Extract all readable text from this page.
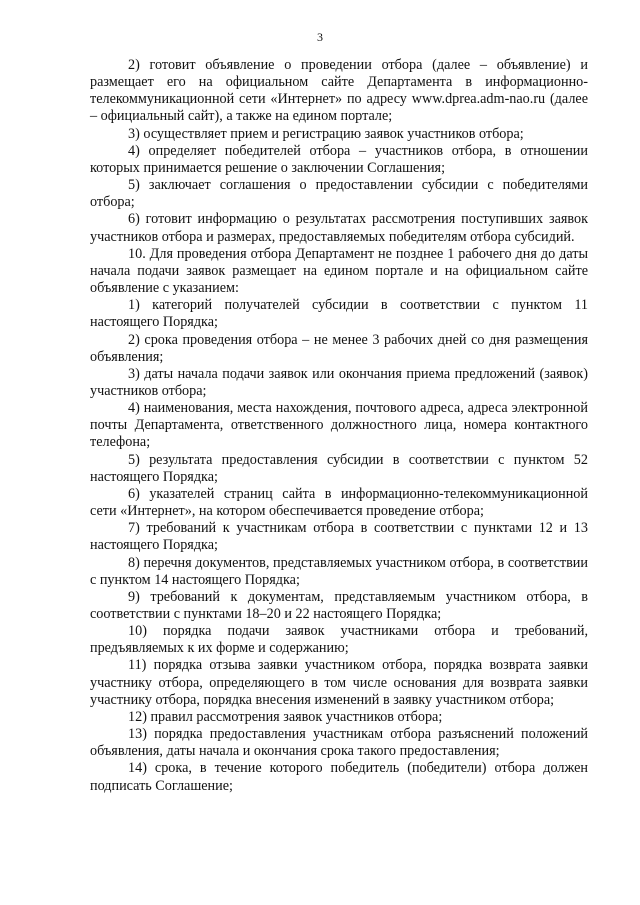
3

2) готовит объявление о проведении отбора (далее – объявление) и размещает его на официальном сайте Департамента в информационно-телекоммуникационной сети «Интернет» по адресу www.dprea.adm-nao.ru (далее – официальный сайт), а также на едином портале;

3) осуществляет прием и регистрацию заявок участников отбора;

4) определяет победителей отбора – участников отбора, в отношении которых принимается решение о заключении Соглашения;

5) заключает соглашения о предоставлении субсидии с победителями отбора;

6) готовит информацию о результатах рассмотрения поступивших заявок участников отбора и размерах, предоставляемых победителям отбора субсидий.

10. Для проведения отбора Департамент не позднее 1 рабочего дня до даты начала подачи заявок размещает на едином портале и на официальном сайте объявление с указанием:

1) категорий получателей субсидии в соответствии с пунктом 11 настоящего Порядка;

2) срока проведения отбора – не менее 3 рабочих дней со дня размещения объявления;

3) даты начала подачи заявок или окончания приема предложений (заявок) участников отбора;

4) наименования, места нахождения, почтового адреса, адреса электронной почты Департамента, ответственного должностного лица, номера контактного телефона;

5) результата предоставления субсидии в соответствии с пунктом 52 настоящего Порядка;

6) указателей страниц сайта в информационно-телекоммуникационной сети «Интернет», на котором обеспечивается проведение отбора;

7) требований к участникам отбора в соответствии с пунктами 12 и 13 настоящего Порядка;

8) перечня документов, представляемых участником отбора, в соответствии с пунктом 14 настоящего Порядка;

9) требований к документам, представляемым участником отбора, в соответствии с пунктами 18–20 и 22 настоящего Порядка;

10) порядка подачи заявок участниками отбора и требований, предъявляемых к их форме и содержанию;

11) порядка отзыва заявки участником отбора, порядка возврата заявки участнику отбора, определяющего в том числе основания для возврата заявки участнику отбора, порядка внесения изменений в заявку участником отбора;

12) правил рассмотрения заявок участников отбора;

13) порядка предоставления участникам отбора разъяснений положений объявления, даты начала и окончания срока такого предоставления;

14) срока, в течение которого победитель (победители) отбора должен подписать Соглашение;
